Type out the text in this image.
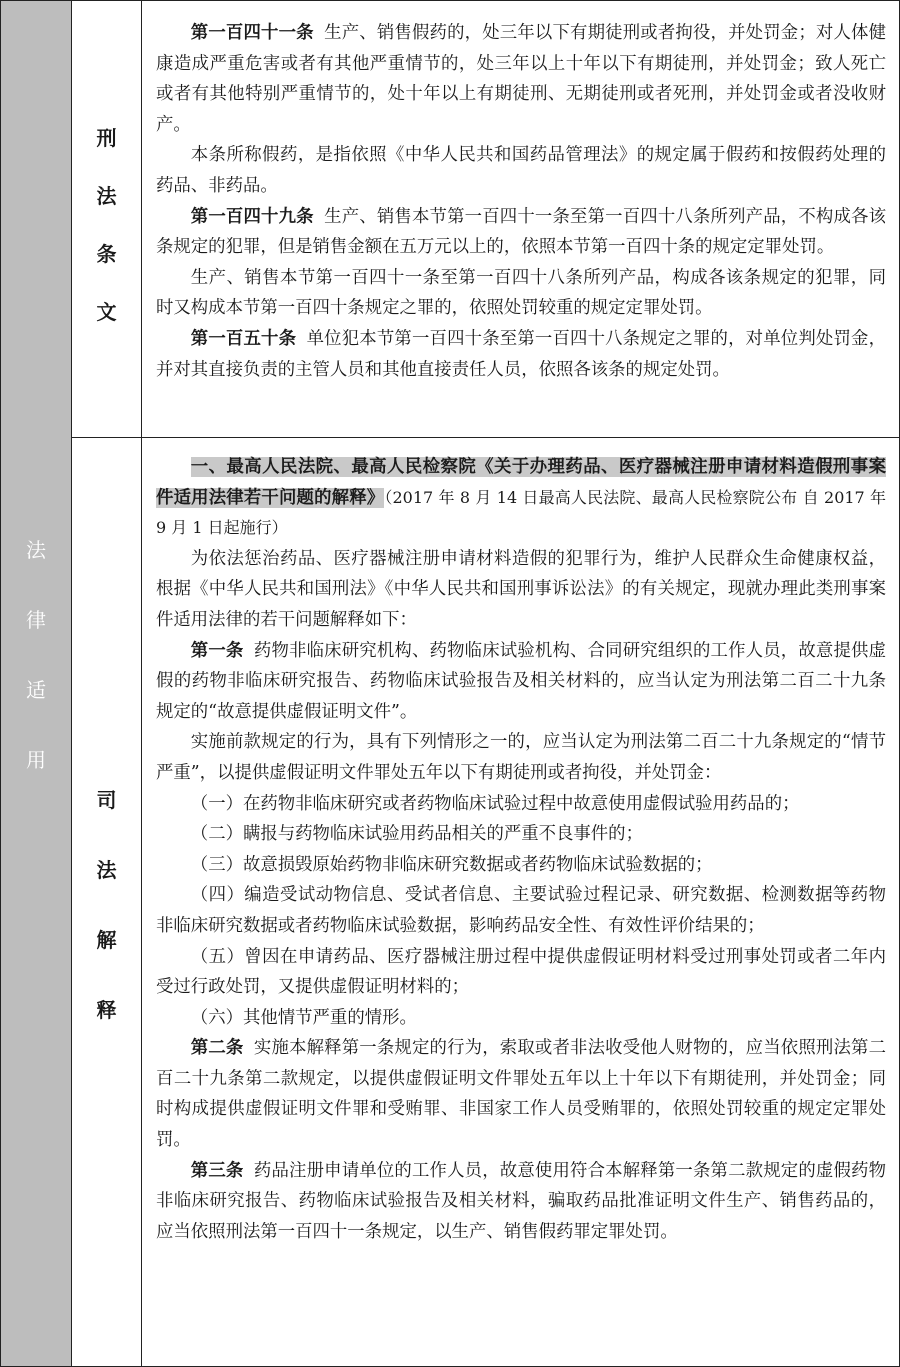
法
律
适
用
刑
法
条
文
司
法
解
释

第一百四十一条 生产、销售假药的，处三年以下有期徒刑或者拘役，并处罚金；对人体健康造成严重危害或者有其他严重情节的，处三年以上十年以下有期徒刑，并处罚金；致人死亡或者有其他特别严重情节的，处十年以上有期徒刑、无期徒刑或者死刑，并处罚金或者没收财产。

本条所称假药，是指依照《中华人民共和国药品管理法》的规定属于假药和按假药处理的药品、非药品。

第一百四十九条 生产、销售本节第一百四十一条至第一百四十八条所列产品，不构成各该条规定的犯罪，但是销售金额在五万元以上的，依照本节第一百四十条的规定定罪处罚。

生产、销售本节第一百四十一条至第一百四十八条所列产品，构成各该条规定的犯罪，同时又构成本节第一百四十条规定之罪的，依照处罚较重的规定定罪处罚。

第一百五十条 单位犯本节第一百四十条至第一百四十八条规定之罪的，对单位判处罚金，并对其直接负责的主管人员和其他直接责任人员，依照各该条的规定处罚。

一、最高人民法院、最高人民检察院《关于办理药品、医疗器械注册申请材料造假刑事案件适用法律若干问题的解释》（2017 年 8 月 14 日最高人民法院、最高人民检察院公布 自 2017 年 9 月 1 日起施行）

为依法惩治药品、医疗器械注册申请材料造假的犯罪行为，维护人民群众生命健康权益，根据《中华人民共和国刑法》《中华人民共和国刑事诉讼法》的有关规定，现就办理此类刑事案件适用法律的若干问题解释如下：

第一条 药物非临床研究机构、药物临床试验机构、合同研究组织的工作人员，故意提供虚假的药物非临床研究报告、药物临床试验报告及相关材料的，应当认定为刑法第二百二十九条规定的“故意提供虚假证明文件”。

实施前款规定的行为，具有下列情形之一的，应当认定为刑法第二百二十九条规定的“情节严重”，以提供虚假证明文件罪处五年以下有期徒刑或者拘役，并处罚金：

（一）在药物非临床研究或者药物临床试验过程中故意使用虚假试验用药品的；

（二）瞒报与药物临床试验用药品相关的严重不良事件的；

（三）故意损毁原始药物非临床研究数据或者药物临床试验数据的；

（四）编造受试动物信息、受试者信息、主要试验过程记录、研究数据、检测数据等药物非临床研究数据或者药物临床试验数据，影响药品安全性、有效性评价结果的；

（五）曾因在申请药品、医疗器械注册过程中提供虚假证明材料受过刑事处罚或者二年内受过行政处罚，又提供虚假证明材料的；

（六）其他情节严重的情形。

第二条 实施本解释第一条规定的行为，索取或者非法收受他人财物的，应当依照刑法第二百二十九条第二款规定，以提供虚假证明文件罪处五年以上十年以下有期徒刑，并处罚金；同时构成提供虚假证明文件罪和受贿罪、非国家工作人员受贿罪的，依照处罚较重的规定定罪处罚。

第三条 药品注册申请单位的工作人员，故意使用符合本解释第一条第二款规定的虚假药物非临床研究报告、药物临床试验报告及相关材料，骗取药品批准证明文件生产、销售药品的，应当依照刑法第一百四十一条规定，以生产、销售假药罪定罪处罚。
